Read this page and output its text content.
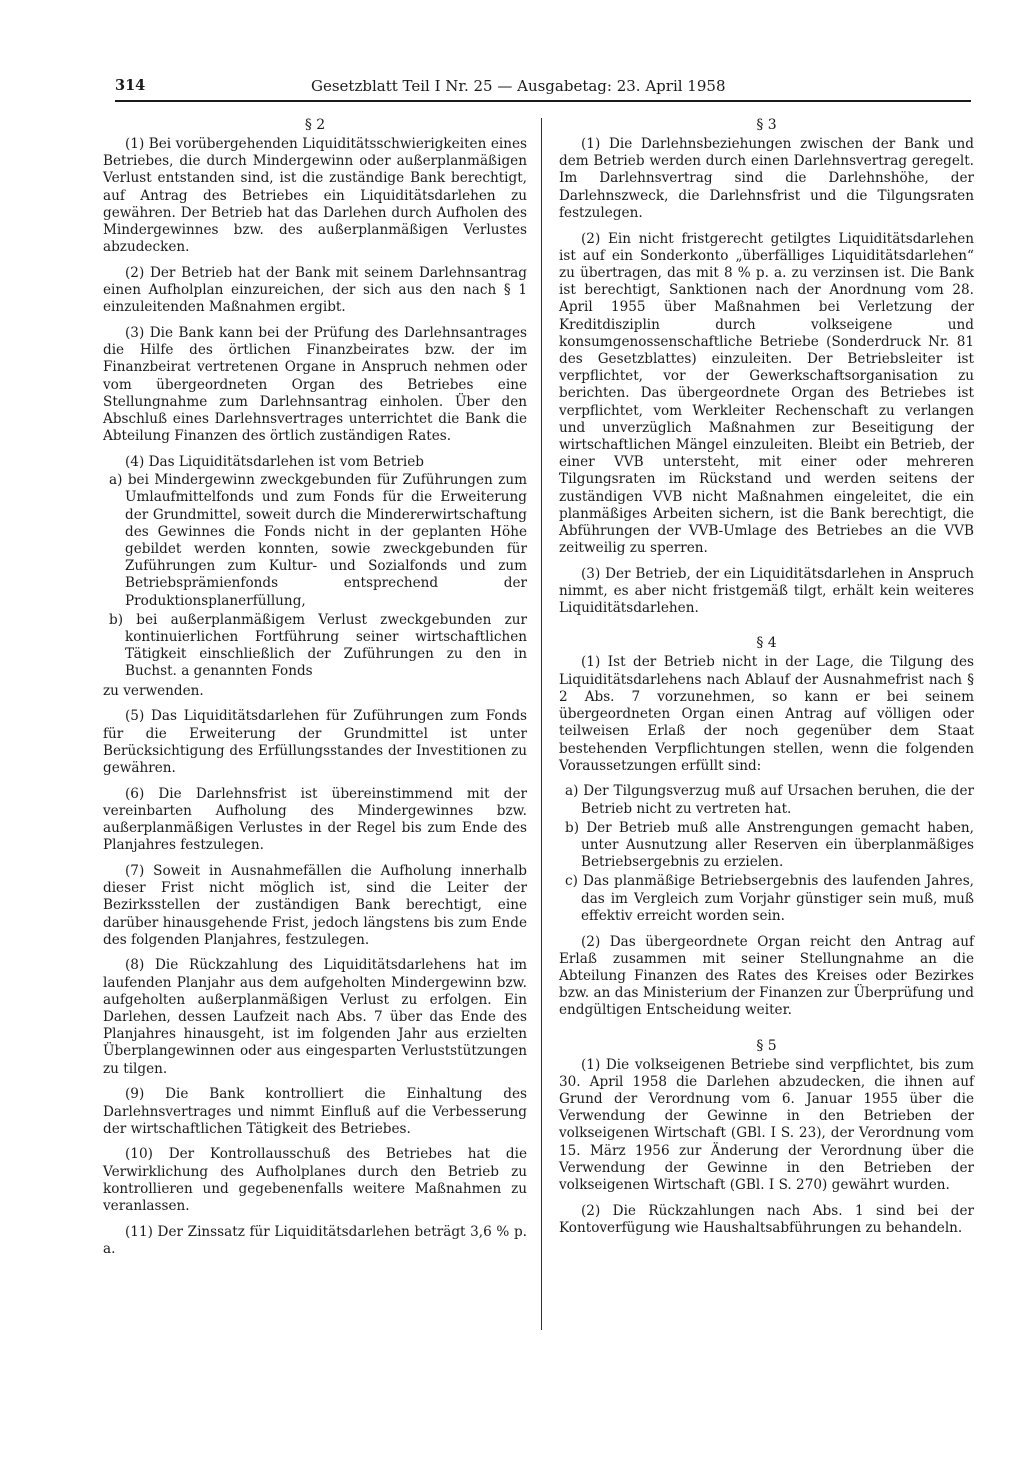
314	Gesetzblatt Teil I Nr. 25 — Ausgabetag: 23. April 1958
§ 2

(1) Bei vorübergehenden Liquiditätsschwierigkeiten eines Betriebes, die durch Mindergewinn oder außerplanmäßigen Verlust entstanden sind, ist die zuständige Bank berechtigt, auf Antrag des Betriebes ein Liquiditätsdarlehen zu gewähren. Der Betrieb hat das Darlehen durch Aufholen des Mindergewinnes bzw. des außerplanmäßigen Verlustes abzudecken.

(2) Der Betrieb hat der Bank mit seinem Darlehnsantrag einen Aufholplan einzureichen, der sich aus den nach § 1 einzuleitenden Maßnahmen ergibt.

(3) Die Bank kann bei der Prüfung des Darlehnsantrages die Hilfe des örtlichen Finanzbeirates bzw. der im Finanzbeirat vertretenen Organe in Anspruch nehmen oder vom übergeordneten Organ des Betriebes eine Stellungnahme zum Darlehnsantrag einholen. Über den Abschluß eines Darlehnsvertrages unterrichtet die Bank die Abteilung Finanzen des örtlich zuständigen Rates.

(4) Das Liquiditätsdarlehen ist vom Betrieb

a) bei Mindergewinn zweckgebunden für Zuführungen zum Umlaufmittelfonds und zum Fonds für die Erweiterung der Grundmittel, soweit durch die Mindererwirtschaftung des Gewinnes die Fonds nicht in der geplanten Höhe gebildet werden konnten, sowie zweckgebunden für Zuführungen zum Kultur- und Sozialfonds und zum Betriebsprämienfonds entsprechend der Produktionsplanerfüllung,

b) bei außerplanmäßigem Verlust zweckgebunden zur kontinuierlichen Fortführung seiner wirtschaftlichen Tätigkeit einschließlich der Zuführungen zu den in Buchst. a genannten Fonds

zu verwenden.

(5) Das Liquiditätsdarlehen für Zuführungen zum Fonds für die Erweiterung der Grundmittel ist unter Berücksichtigung des Erfüllungsstandes der Investitionen zu gewähren.

(6) Die Darlehnsfrist ist übereinstimmend mit der vereinbarten Aufholung des Mindergewinnes bzw. außerplanmäßigen Verlustes in der Regel bis zum Ende des Planjahres festzulegen.

(7) Soweit in Ausnahmefällen die Aufholung innerhalb dieser Frist nicht möglich ist, sind die Leiter der Bezirksstellen der zuständigen Bank berechtigt, eine darüber hinausgehende Frist, jedoch längstens bis zum Ende des folgenden Planjahres, festzulegen.

(8) Die Rückzahlung des Liquiditätsdarlehens hat im laufenden Planjahr aus dem aufgeholten Mindergewinn bzw. aufgeholten außerplanmäßigen Verlust zu erfolgen. Ein Darlehen, dessen Laufzeit nach Abs. 7 über das Ende des Planjahres hinausgeht, ist im folgenden Jahr aus erzielten Überplangewinnen oder aus eingesparten Verluststützungen zu tilgen.

(9) Die Bank kontrolliert die Einhaltung des Darlehnsvertrages und nimmt Einfluß auf die Verbesserung der wirtschaftlichen Tätigkeit des Betriebes.

(10) Der Kontrollausschuß des Betriebes hat die Verwirklichung des Aufholplanes durch den Betrieb zu kontrollieren und gegebenenfalls weitere Maßnahmen zu veranlassen.

(11) Der Zinssatz für Liquiditätsdarlehen beträgt 3,6 % p. a.

§ 3

(1) Die Darlehnsbeziehungen zwischen der Bank und dem Betrieb werden durch einen Darlehnsvertrag geregelt. Im Darlehnsvertrag sind die Darlehnshöhe, der Darlehnszweck, die Darlehnsfrist und die Tilgungsraten festzulegen.

(2) Ein nicht fristgerecht getilgtes Liquiditätsdarlehen ist auf ein Sonderkonto „überfälliges Liquiditätsdarlehen“ zu übertragen, das mit 8 % p. a. zu verzinsen ist. Die Bank ist berechtigt, Sanktionen nach der Anordnung vom 28. April 1955 über Maßnahmen bei Verletzung der Kreditdisziplin durch volkseigene und konsumgenossenschaftliche Betriebe (Sonderdruck Nr. 81 des Gesetzblattes) einzuleiten. Der Betriebsleiter ist verpflichtet, vor der Gewerkschaftsorganisation zu berichten. Das übergeordnete Organ des Betriebes ist verpflichtet, vom Werkleiter Rechenschaft zu verlangen und unverzüglich Maßnahmen zur Beseitigung der wirtschaftlichen Mängel einzuleiten. Bleibt ein Betrieb, der einer VVB untersteht, mit einer oder mehreren Tilgungsraten im Rückstand und werden seitens der zuständigen VVB nicht Maßnahmen eingeleitet, die ein planmäßiges Arbeiten sichern, ist die Bank berechtigt, die Abführungen der VVB-Umlage des Betriebes an die VVB zeitweilig zu sperren.

(3) Der Betrieb, der ein Liquiditätsdarlehen in Anspruch nimmt, es aber nicht fristgemäß tilgt, erhält kein weiteres Liquiditätsdarlehen.

§ 4

(1) Ist der Betrieb nicht in der Lage, die Tilgung des Liquiditätsdarlehens nach Ablauf der Ausnahmefrist nach § 2 Abs. 7 vorzunehmen, so kann er bei seinem übergeordneten Organ einen Antrag auf völligen oder teilweisen Erlaß der noch gegenüber dem Staat bestehenden Verpflichtungen stellen, wenn die folgenden Voraussetzungen erfüllt sind:

a) Der Tilgungsverzug muß auf Ursachen beruhen, die der Betrieb nicht zu vertreten hat.

b) Der Betrieb muß alle Anstrengungen gemacht haben, unter Ausnutzung aller Reserven ein überplanmäßiges Betriebsergebnis zu erzielen.

c) Das planmäßige Betriebsergebnis des laufenden Jahres, das im Vergleich zum Vorjahr günstiger sein muß, muß effektiv erreicht worden sein.

(2) Das übergeordnete Organ reicht den Antrag auf Erlaß zusammen mit seiner Stellungnahme an die Abteilung Finanzen des Rates des Kreises oder Bezirkes bzw. an das Ministerium der Finanzen zur Überprüfung und endgültigen Entscheidung weiter.

§ 5

(1) Die volkseigenen Betriebe sind verpflichtet, bis zum 30. April 1958 die Darlehen abzudecken, die ihnen auf Grund der Verordnung vom 6. Januar 1955 über die Verwendung der Gewinne in den Betrieben der volkseigenen Wirtschaft (GBl. I S. 23), der Verordnung vom 15. März 1956 zur Änderung der Verordnung über die Verwendung der Gewinne in den Betrieben der volkseigenen Wirtschaft (GBl. I S. 270) gewährt wurden.

(2) Die Rückzahlungen nach Abs. 1 sind bei der Kontoverfügung wie Haushaltsabführungen zu behandeln.
